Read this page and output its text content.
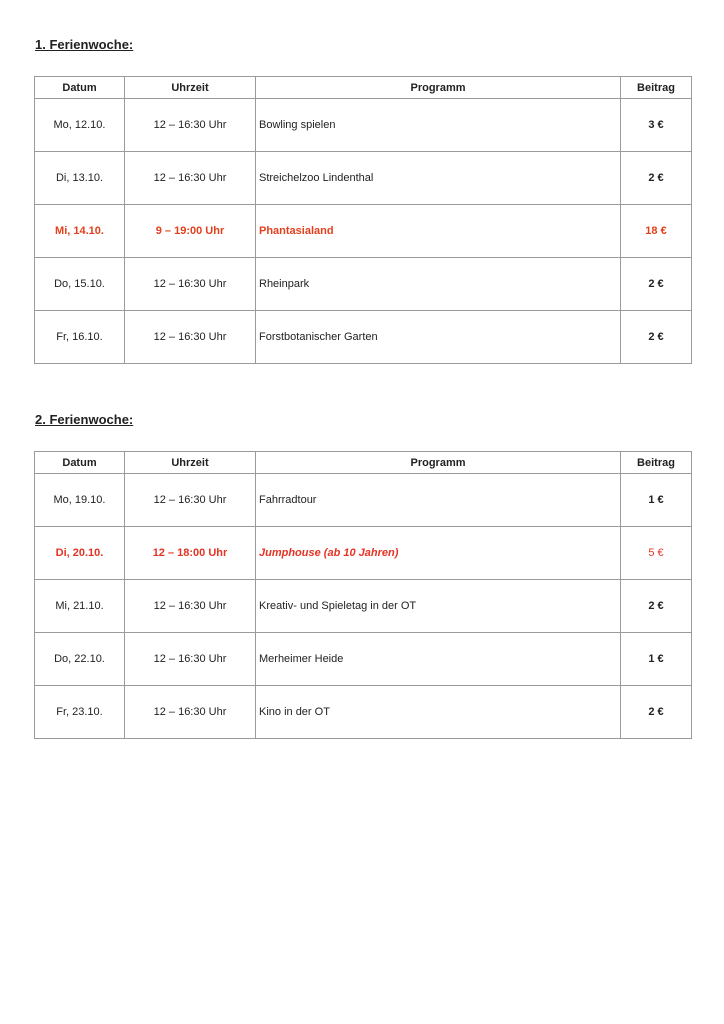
1. Ferienwoche:
Datum	Uhrzeit	Programm	Beitrag
Mo, 12.10.	12 – 16:30 Uhr	Bowling spielen	3 €
Di, 13.10.	12 – 16:30 Uhr	Streichelzoo Lindenthal	2 €
Mi, 14.10.	9 – 19:00 Uhr	Phantasialand	18 €
Do, 15.10.	12 – 16:30 Uhr	Rheinpark	2 €
Fr, 16.10.	12 – 16:30 Uhr	Forstbotanischer Garten	2 €
2. Ferienwoche:
Datum	Uhrzeit	Programm	Beitrag
Mo, 19.10.	12 – 16:30 Uhr	Fahrradtour	1 €
Di, 20.10.	12 – 18:00 Uhr	Jumphouse (ab 10 Jahren)	5 €
Mi, 21.10.	12 – 16:30 Uhr	Kreativ- und Spieletag in der OT	2 €
Do, 22.10.	12 – 16:30 Uhr	Merheimer Heide	1 €
Fr, 23.10.	12 – 16:30 Uhr	Kino in der OT	2 €
